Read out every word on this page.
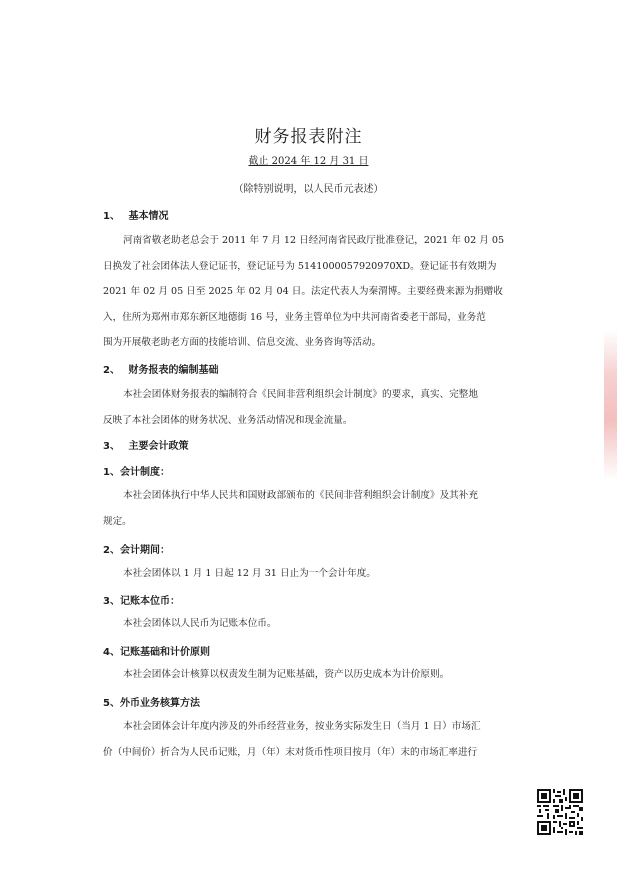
财务报表附注
截止 2024 年 12 月 31 日
（除特别说明，以人民币元表述）
1、 基本情况
河南省敬老助老总会于 2011 年 7 月 12 日经河南省民政厅批准登记，2021 年 02 月 05
日换发了社会团体法人登记证书，登记证号为 5141000057920970XD。登记证书有效期为
2021 年 02 月 05 日至 2025 年 02 月 04 日。法定代表人为秦渭博。主要经费来源为捐赠收
入，住所为郑州市郑东新区地德街 16 号，业务主管单位为中共河南省委老干部局，业务范
围为开展敬老助老方面的技能培训、信息交流、业务咨询等活动。
2、 财务报表的编制基础
本社会团体财务报表的编制符合《民间非营利组织会计制度》的要求，真实、完整地
反映了本社会团体的财务状况、业务活动情况和现金流量。
3、 主要会计政策
1、会计制度：
本社会团体执行中华人民共和国财政部颁布的《民间非营利组织会计制度》及其补充
规定。
2、会计期间：
本社会团体以 1 月 1 日起 12 月 31 日止为一个会计年度。
3、记账本位币：
本社会团体以人民币为记账本位币。
4、记账基础和计价原则
本社会团体会计核算以权责发生制为记账基础，资产以历史成本为计价原则。
5、外币业务核算方法
本社会团体会计年度内涉及的外币经营业务，按业务实际发生日（当月 1 日）市场汇
价（中间价）折合为人民币记账，月（年）末对货币性项目按月（年）末的市场汇率进行
